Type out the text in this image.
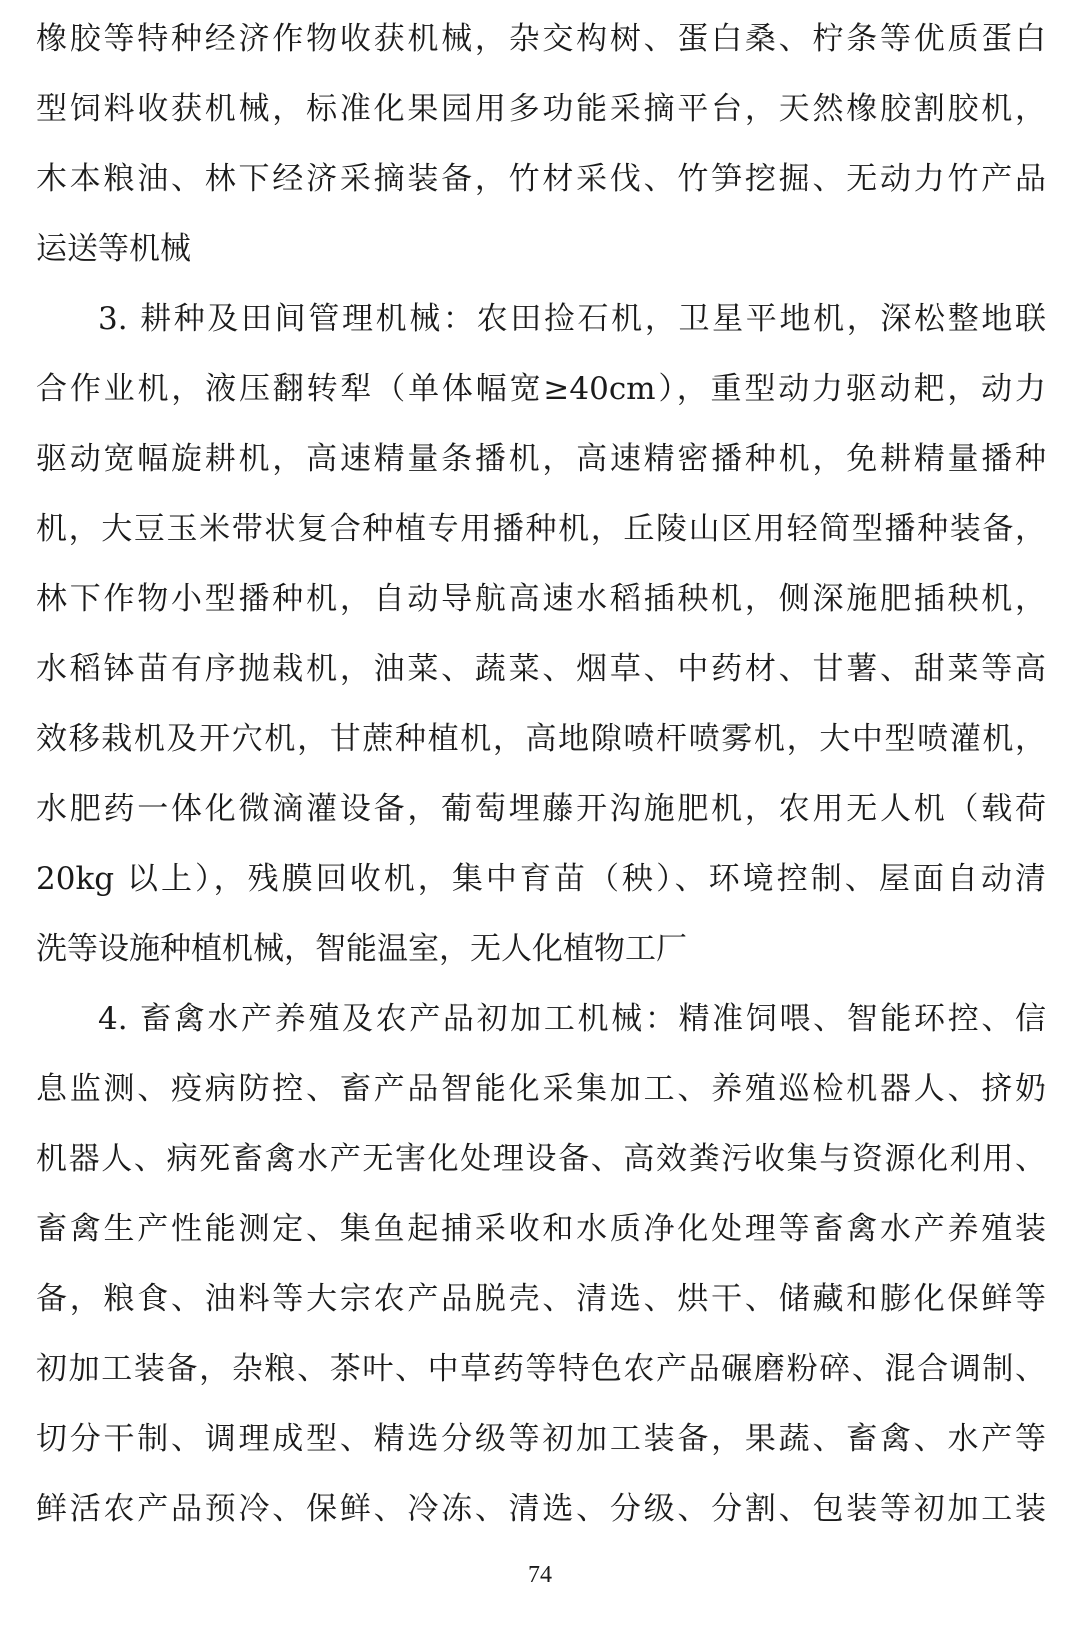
橡胶等特种经济作物收获机械，杂交构树、蛋白桑、柠条等优质蛋白
型饲料收获机械，标准化果园用多功能采摘平台，天然橡胶割胶机，
木本粮油、林下经济采摘装备，竹材采伐、竹笋挖掘、无动力竹产品
运送等机械
3. 耕种及田间管理机械：农田捡石机，卫星平地机，深松整地联
合作业机，液压翻转犁（单体幅宽≥40cm），重型动力驱动耙，动力
驱动宽幅旋耕机，高速精量条播机，高速精密播种机，免耕精量播种
机，大豆玉米带状复合种植专用播种机，丘陵山区用轻简型播种装备，
林下作物小型播种机，自动导航高速水稻插秧机，侧深施肥插秧机，
水稻钵苗有序抛栽机，油菜、蔬菜、烟草、中药材、甘薯、甜菜等高
效移栽机及开穴机，甘蔗种植机，高地隙喷杆喷雾机，大中型喷灌机，
水肥药一体化微滴灌设备，葡萄埋藤开沟施肥机，农用无人机（载荷
20kg 以上），残膜回收机，集中育苗（秧）、环境控制、屋面自动清
洗等设施种植机械，智能温室，无人化植物工厂
4. 畜禽水产养殖及农产品初加工机械：精准饲喂、智能环控、信
息监测、疫病防控、畜产品智能化采集加工、养殖巡检机器人、挤奶
机器人、病死畜禽水产无害化处理设备、高效粪污收集与资源化利用、
畜禽生产性能测定、集鱼起捕采收和水质净化处理等畜禽水产养殖装
备，粮食、油料等大宗农产品脱壳、清选、烘干、储藏和膨化保鲜等
初加工装备，杂粮、茶叶、中草药等特色农产品碾磨粉碎、混合调制、
切分干制、调理成型、精选分级等初加工装备，果蔬、畜禽、水产等
鲜活农产品预冷、保鲜、冷冻、清选、分级、分割、包装等初加工装
74
